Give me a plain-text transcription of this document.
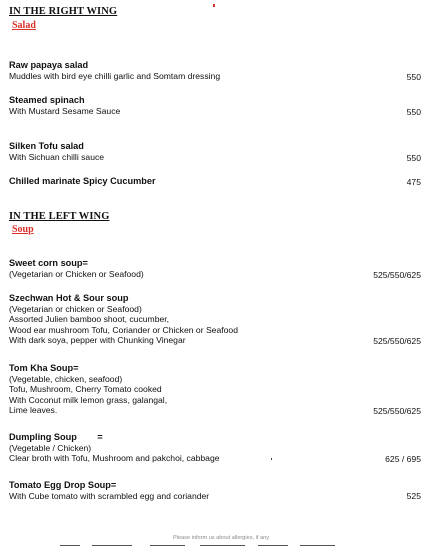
IN THE RIGHT WING
Salad
Raw papaya salad
Muddles with bird eye chilli garlic and Somtam dressing	550
Steamed spinach
With Mustard Sesame Sauce	550
Silken Tofu salad
With Sichuan chilli sauce	550
Chilled marinate Spicy Cucumber	475
IN THE LEFT WING
Soup
Sweet corn soup=
(Vegetarian or Chicken or Seafood)	525/550/625
Szechwan Hot & Sour soup
(Vegetarian or chicken or Seafood)
Assorted Julien bamboo shoot, cucumber,
Wood ear mushroom Tofu, Coriander or Chicken or Seafood
With dark soya, pepper with Chunking Vinegar	525/550/625
Tom Kha Soup=
(Vegetable, chicken, seafood)
Tofu, Mushroom, Cherry Tomato cooked
With Coconut milk lemon grass, galangal,
Lime leaves.	525/550/625
Dumpling Soup        =
(Vegetable / Chicken)
Clear broth with Tofu, Mushroom and pakchoi, cabbage	625 / 695
Tomato Egg Drop Soup=
With Cube tomato with scrambled egg and coriander	525
Please inform us about allergies, if any
